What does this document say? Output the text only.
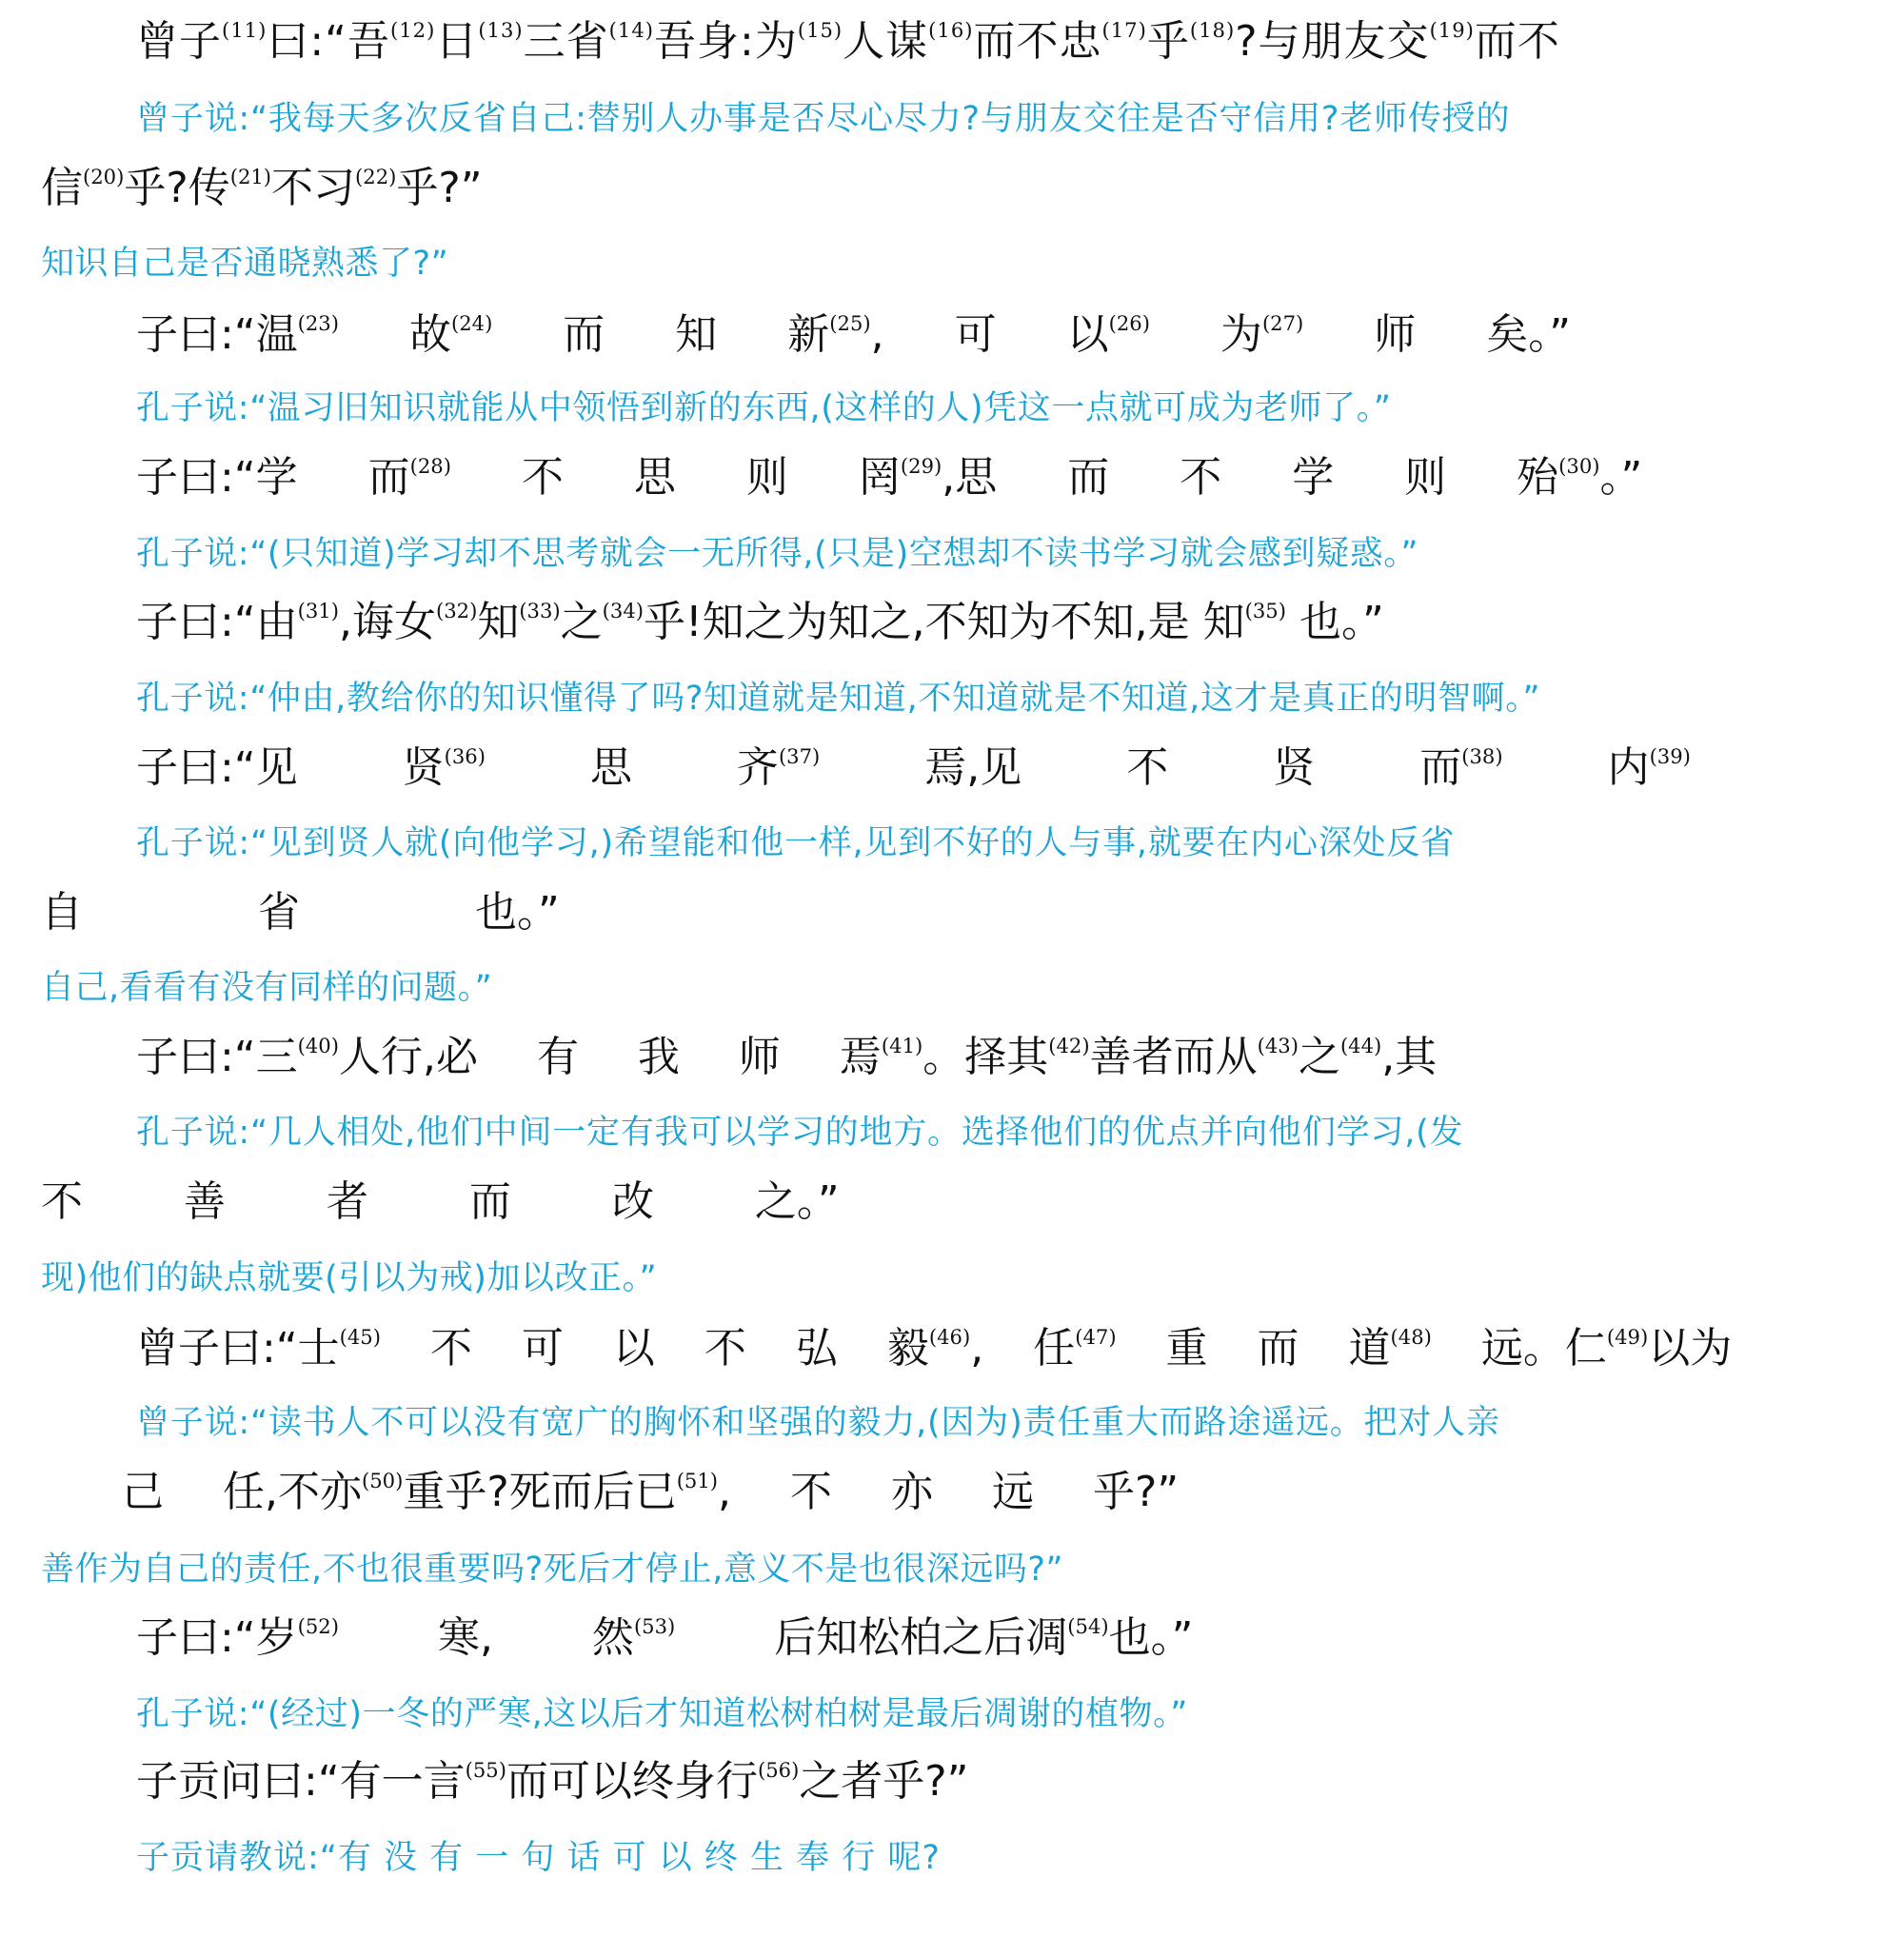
曾子$^{(11)}$曰:“吾$^{(12)}$日$^{(13)}$三省$^{(14)}$吾身:为$^{(15)}$人谋$^{(16)}$而不忠$^{(17)}$乎$^{(18)}$?与朋友交$^{(19)}$而不
曾子说:“我每天多次反省自己:替别人办事是否尽心尽力?与朋友交往是否守信用?老师传授的
信$^{(20)}$乎?传$^{(21)}$不习$^{(22)}$乎?”
知识自己是否通晓熟悉了?”
子曰:“温$^{(23)}$ 故$^{(24)}$ 而 知 新$^{(25)}$, 可 以$^{(26)}$ 为$^{(27)}$ 师 矣。”
孔子说:“温习旧知识就能从中领悟到新的东西,(这样的人)凭这一点就可成为老师了。”
子曰:“学 而$^{(28)}$ 不 思 则 罔$^{(29)}$,思 而 不 学 则 殆$^{(30)}$。”
孔子说:“(只知道)学习却不思考就会一无所得,(只是)空想却不读书学习就会感到疑惑。”
子曰:“由$^{(31)}$,诲女$^{(32)}$知$^{(33)}$之$^{(34)}$乎!知之为知之,不知为不知,是 知$^{(35)}$ 也。”
孔子说:“仲由,教给你的知识懂得了吗?知道就是知道,不知道就是不知道,这才是真正的明智啊。”
子曰:“见 贤$^{(36)}$ 思 齐$^{(37)}$ 焉,见 不 贤 而$^{(38)}$ 内$^{(39)}$
孔子说:“见到贤人就(向他学习,)希望能和他一样,见到不好的人与事,就要在内心深处反省
自 省 也。”
自己,看看有没有同样的问题。”
子曰:“三$^{(40)}$人行,必 有 我 师 焉$^{(41)}$。择其$^{(42)}$善者而从$^{(43)}$之$^{(44)}$,其
孔子说:“几人相处,他们中间一定有我可以学习的地方。选择他们的优点并向他们学习,(发
不 善 者 而 改 之。”
现)他们的缺点就要(引以为戒)加以改正。”
曾子曰:“士$^{(45)}$ 不 可 以 不 弘 毅$^{(46)}$, 任$^{(47)}$ 重 而 道$^{(48)}$ 远。仁$^{(49)}$以为
曾子说:“读书人不可以没有宽广的胸怀和坚强的毅力,(因为)责任重大而路途遥远。把对人亲
己 任,不亦$^{(50)}$重乎?死而后已$^{(51)}$, 不 亦 远 乎?”
善作为自己的责任,不也很重要吗?死后才停止,意义不是也很深远吗?”
子曰:“岁$^{(52)}$ 寒, 然$^{(53)}$ 后知松柏之后凋$^{(54)}$也。”
孔子说:“(经过)一冬的严寒,这以后才知道松树柏树是最后凋谢的植物。”
子贡问曰:“有一言$^{(55)}$而可以终身行$^{(56)}$之者乎?”
子贡请教说:“有 没 有 一 句 话 可 以 终 生 奉 行 呢?
